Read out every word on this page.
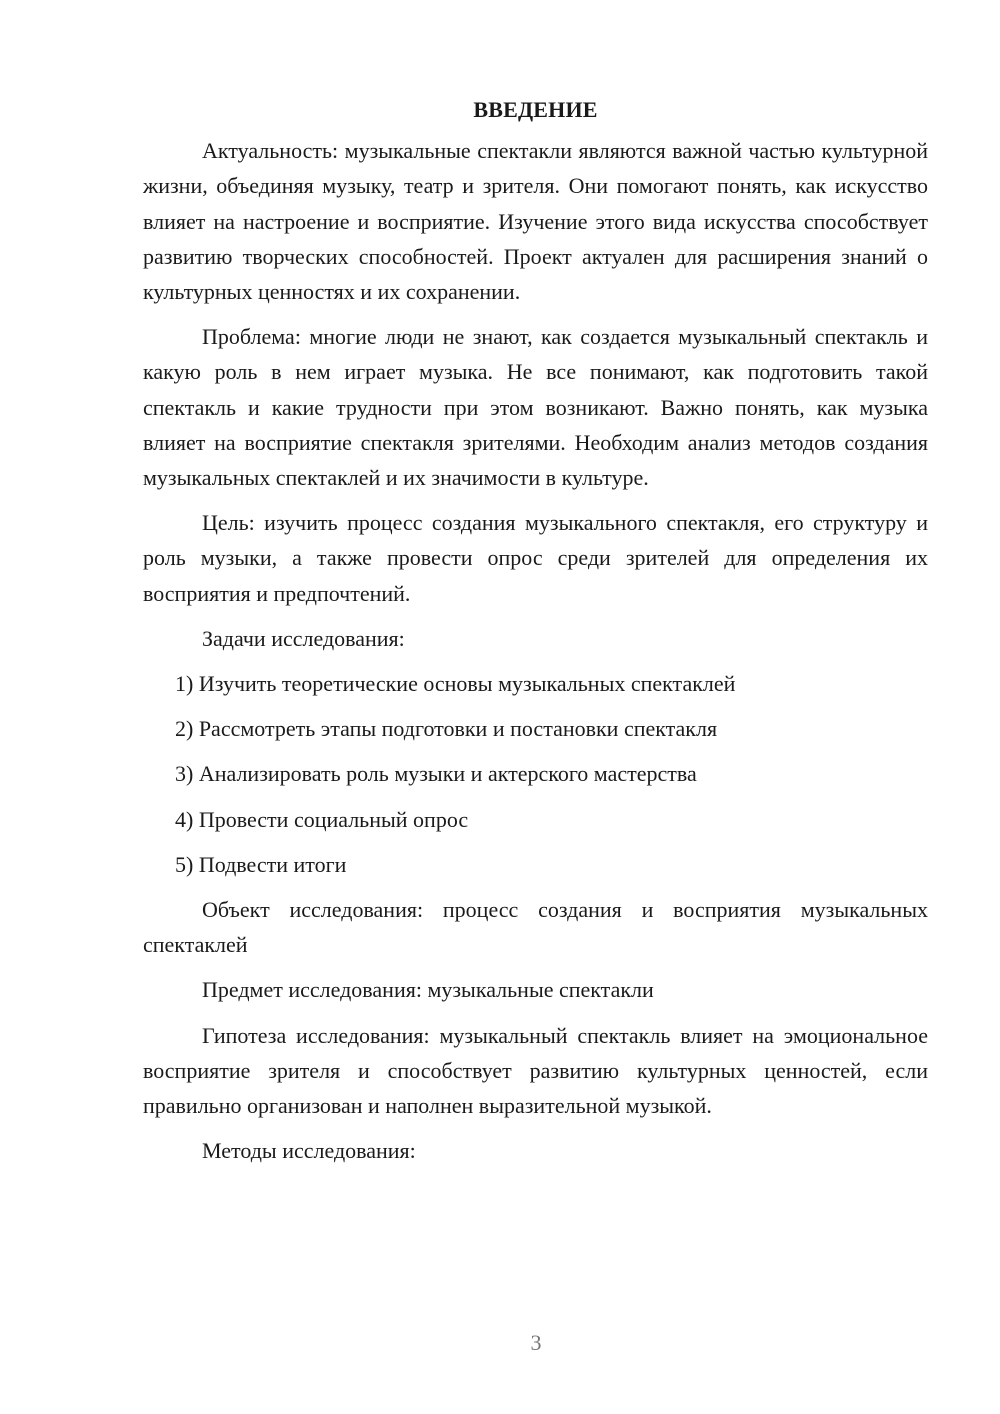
ВВЕДЕНИЕ

Актуальность: музыкальные спектакли являются важной частью культурной жизни, объединяя музыку, театр и зрителя. Они помогают понять, как искусство влияет на настроение и восприятие. Изучение этого вида искусства способствует развитию творческих способностей. Проект актуален для расширения знаний о культурных ценностях и их сохранении.

Проблема: многие люди не знают, как создается музыкальный спектакль и какую роль в нем играет музыка. Не все понимают, как подготовить такой спектакль и какие трудности при этом возникают. Важно понять, как музыка влияет на восприятие спектакля зрителями. Необходим анализ методов создания музыкальных спектаклей и их значимости в культуре.

Цель: изучить процесс создания музыкального спектакля, его структуру и роль музыки, а также провести опрос среди зрителей для определения их восприятия и предпочтений.

Задачи исследования:

1) Изучить теоретические основы музыкальных спектаклей
2) Рассмотреть этапы подготовки и постановки спектакля
3) Анализировать роль музыки и актерского мастерства
4) Провести социальный опрос
5) Подвести итоги

Объект исследования: процесс создания и восприятия музыкальных спектаклей

Предмет исследования: музыкальные спектакли

Гипотеза исследования: музыкальный спектакль влияет на эмоциональное восприятие зрителя и способствует развитию культурных ценностей, если правильно организован и наполнен выразительной музыкой.

Методы исследования:

3
